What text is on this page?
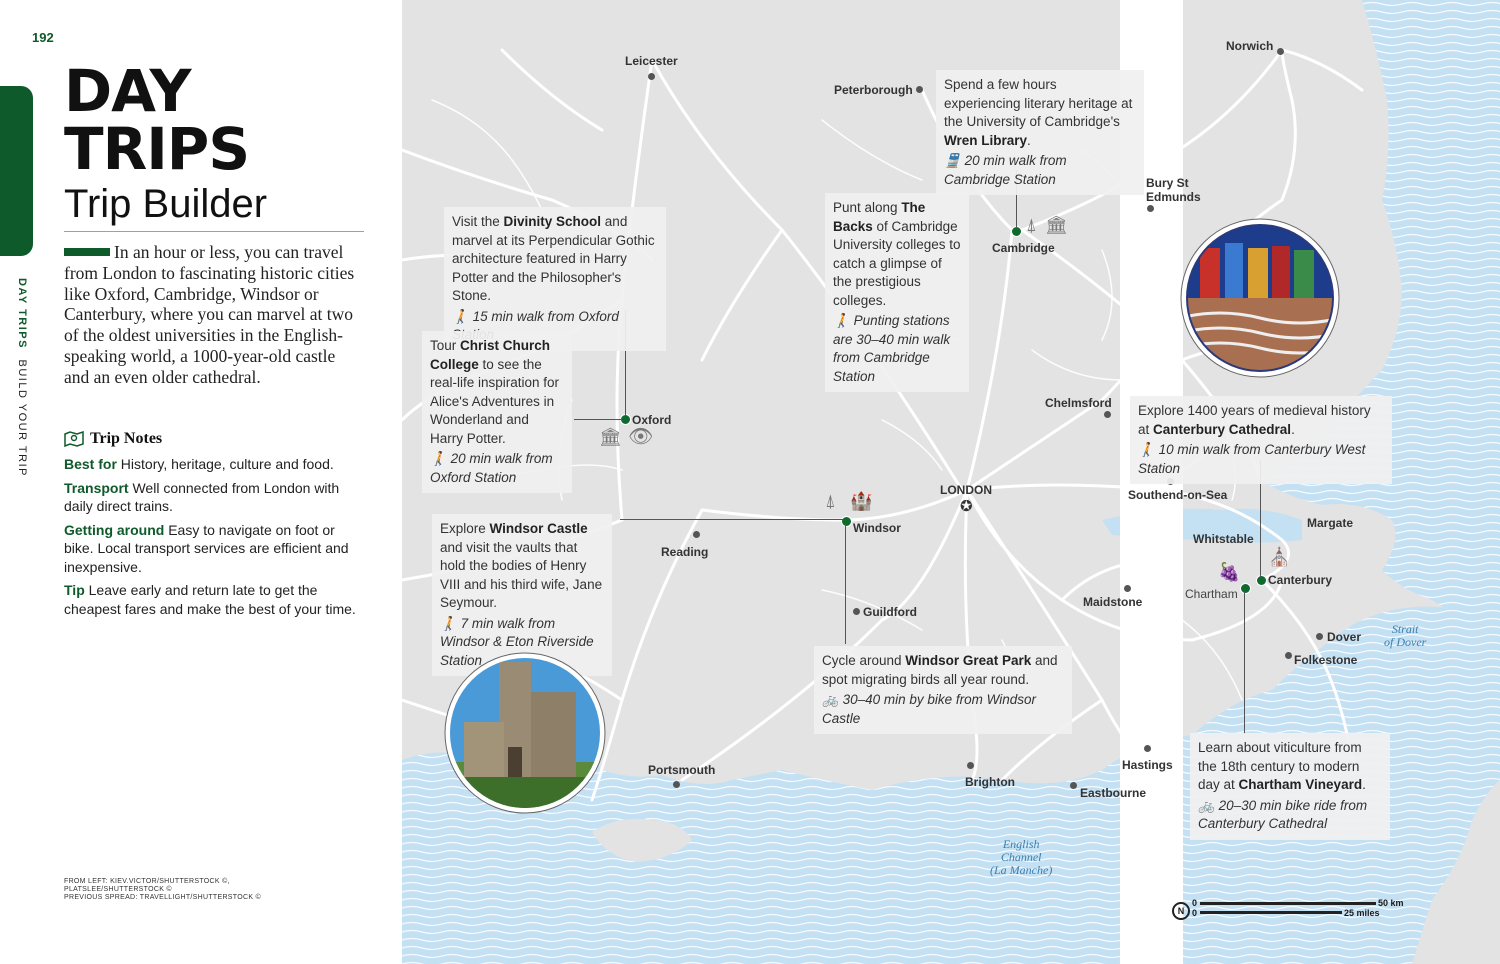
192
DAY TRIPS BUILD YOUR TRIP
DAY
TRIPS
Trip Builder
In an hour or less, you can travel from London to fascinating historic cities like Oxford, Cambridge, Windsor or Canterbury, where you can marvel at two of the oldest universities in the English-speaking world, a 1000-year-old castle and an even older cathedral.
Trip Notes

Best for History, heritage, culture and food.

Transport Well connected from London with daily direct trains.

Getting around Easy to navigate on foot or bike. Local transport services are efficient and inexpensive.

Tip Leave early and return late to get the cheapest fares and make the best of your time.

FROM LEFT: KIEV.VICTOR/SHUTTERSTOCK ©,
PLATSLEE/SHUTTERSTOCK ©
PREVIOUS SPREAD: TRAVELLIGHT/SHUTTERSTOCK ©
Leicester
Peterborough
Norwich
Bury St
Edmunds
Cambridge
Oxford
Chelmsford
LONDON
✪
Southend-on-Sea
Windsor
Reading
Whitstable
Margate
Canterbury
Chartham
Maidstone
Guildford
Dover
Folkestone
Portsmouth
Brighton
Hastings
Eastbourne
English
Channel
(La Manche)
Strait
of Dover
⍋ 🏛
🏛 👁
⍋ 🏰
⛪
🍇
Spend a few hours experiencing literary heritage at the University of Cambridge's Wren Library.
🚆 20 min walk from Cambridge Station
Visit the Divinity School and marvel at its Perpendicular Gothic architecture featured in Harry Potter and the Philosopher's Stone.
🚶 15 min walk from Oxford
Punt along The Backs of Cambridge University colleges to catch a glimpse of the prestigious colleges.
🚶 Punting stations are 30–40 min walk from Cambridge Station
Tour Christ Church College to see the real-life inspiration for Alice's Adventures in Wonderland and Harry Potter.
🚶 20 min walk from Oxford Station
Explore 1400 years of medieval history at Canterbury Cathedral.
🚶 10 min walk from Canterbury West Station
Explore Windsor Castle and visit the vaults that hold the bodies of Henry VIII and his third wife, Jane Seymour.
🚶 7 min walk from Windsor & Eton Riverside Station	Cycle around Windsor Great Park and spot migrating birds all year round.
🚲 30–40 min by bike from Windsor Castle
Learn about viticulture from the 18th century to modern day at Chartham Vineyard.
🚲 20–30 min bike ride from Canterbury Cathedral
N
0	50 km
0	25 miles
